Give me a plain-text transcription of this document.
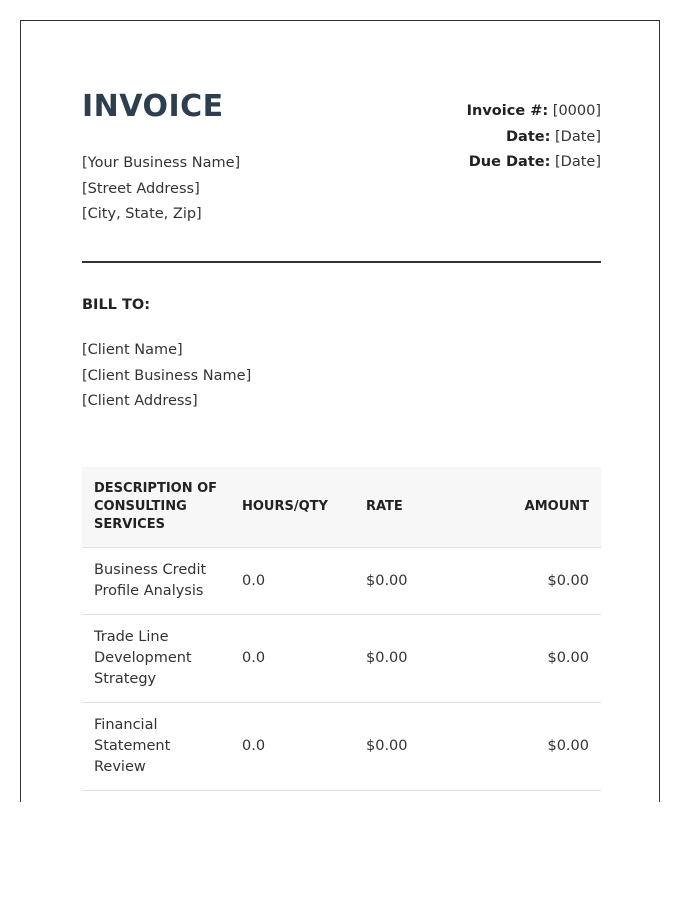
INVOICE
[Your Business Name]
[Street Address]
[City, State, Zip]
Invoice #: [0000]
Date: [Date]
Due Date: [Date]
BILL TO:
[Client Name]
[Client Business Name]
[Client Address]
DESCRIPTION OF CONSULTING SERVICES	HOURS/QTY	RATE	AMOUNT
Business Credit Profile Analysis	0.0	$0.00	$0.00
Trade Line Development Strategy	0.0	$0.00	$0.00
Financial Statement Review	0.0	$0.00	$0.00
